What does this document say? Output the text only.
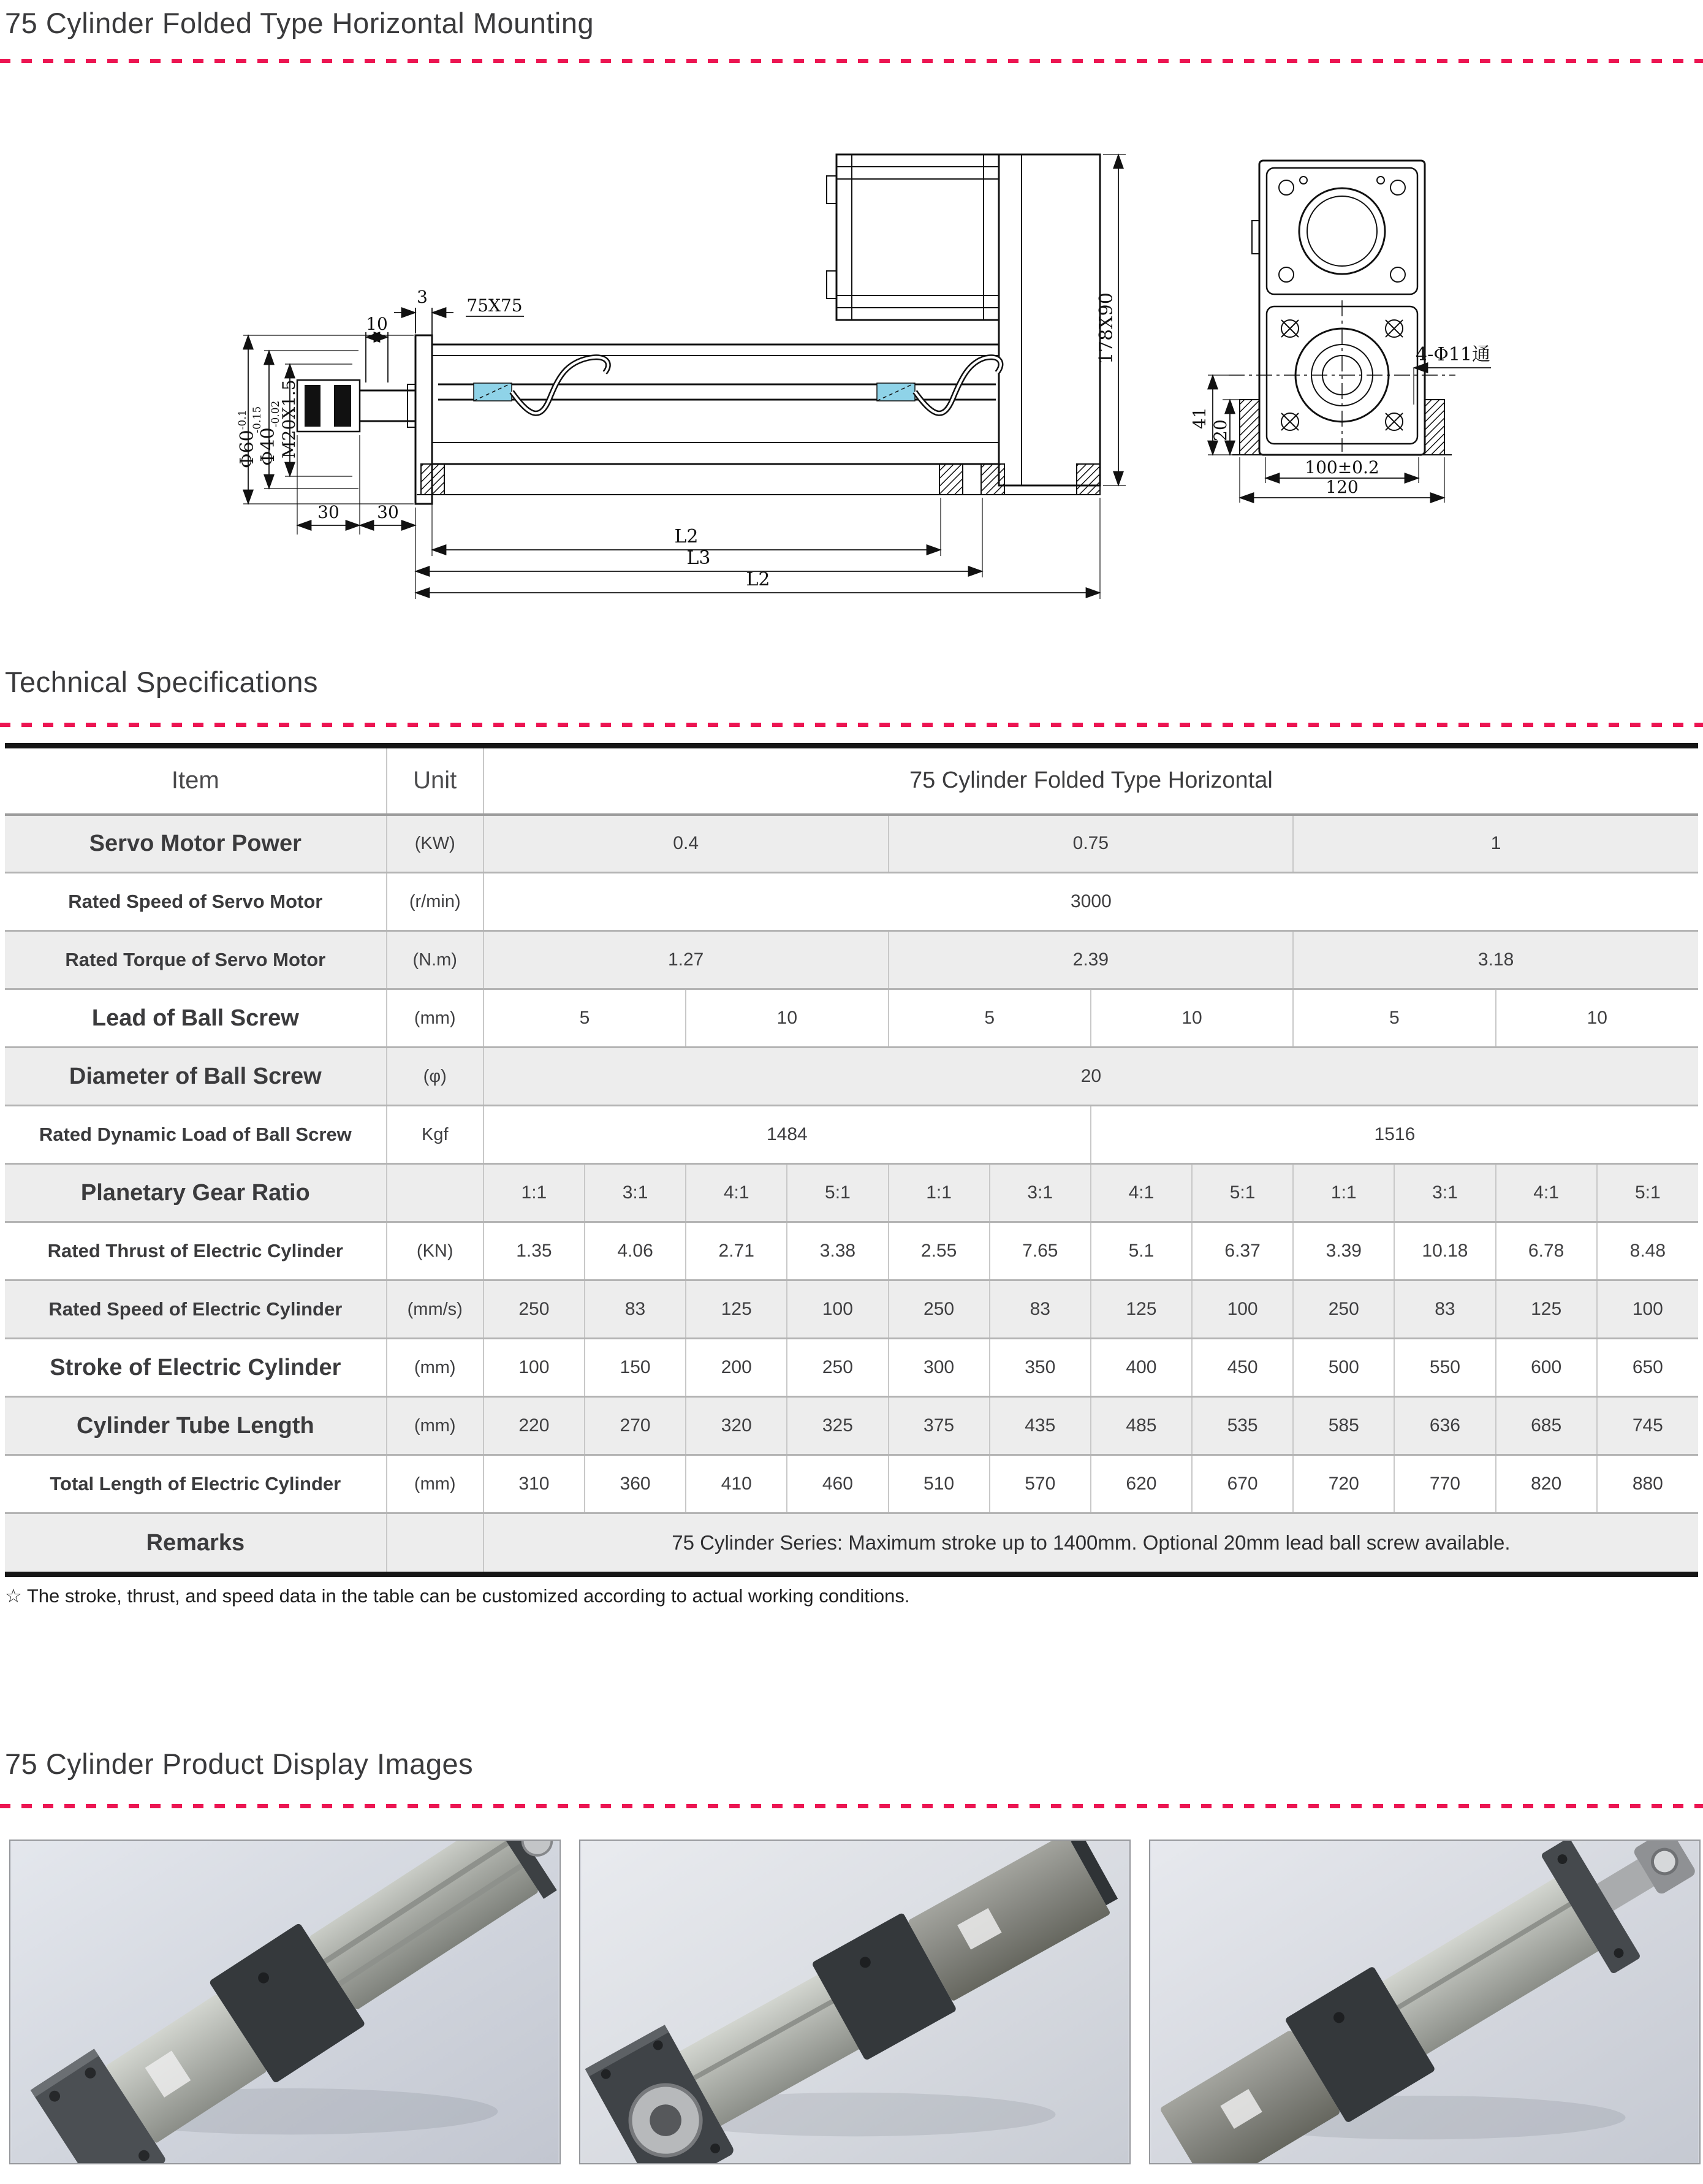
75 Cylinder Folded Type Horizontal Mounting
10
3 75X75
$\Phi 60^{-0.1}$ -0.15
$\Phi 40_{-0.02}$
M20X1.5
30 30
L2
L3
L2
178X90
41
20
100±0.2
120
4-Φ11通
Technical Specifications
Item	Unit	75 Cylinder Folded Type Horizontal											
Servo Motor Power	(KW)	0.4				0.75				1			
Rated Speed of Servo Motor	(r/min)	3000											
Rated Torque of Servo Motor	(N.m)	1.27				2.39				3.18			
Lead of Ball Screw	(mm)	5		10		5		10		5		10	
Diameter of Ball Screw	(φ)	20											
Rated Dynamic Load of Ball Screw	Kgf	1484						1516					
Planetary Gear Ratio		1:1	3:1	4:1	5:1	1:1	3:1	4:1	5:1	1:1	3:1	4:1	5:1
Rated Thrust of Electric Cylinder	(KN)	1.35	4.06	2.71	3.38	2.55	7.65	5.1	6.37	3.39	10.18	6.78	8.48
Rated Speed of Electric Cylinder	(mm/s)	250	83	125	100	250	83	125	100	250	83	125	100
Stroke of Electric Cylinder	(mm)	100	150	200	250	300	350	400	450	500	550	600	650
Cylinder Tube Length	(mm)	220	270	320	325	375	435	485	535	585	636	685	745
Total Length of Electric Cylinder	(mm)	310	360	410	460	510	570	620	670	720	770	820	880
Remarks		75 Cylinder Series: Maximum stroke up to 1400mm. Optional 20mm lead ball screw available.											
☆ The stroke, thrust, and speed data in the table can be customized according to actual working conditions.
75 Cylinder Product Display Images
